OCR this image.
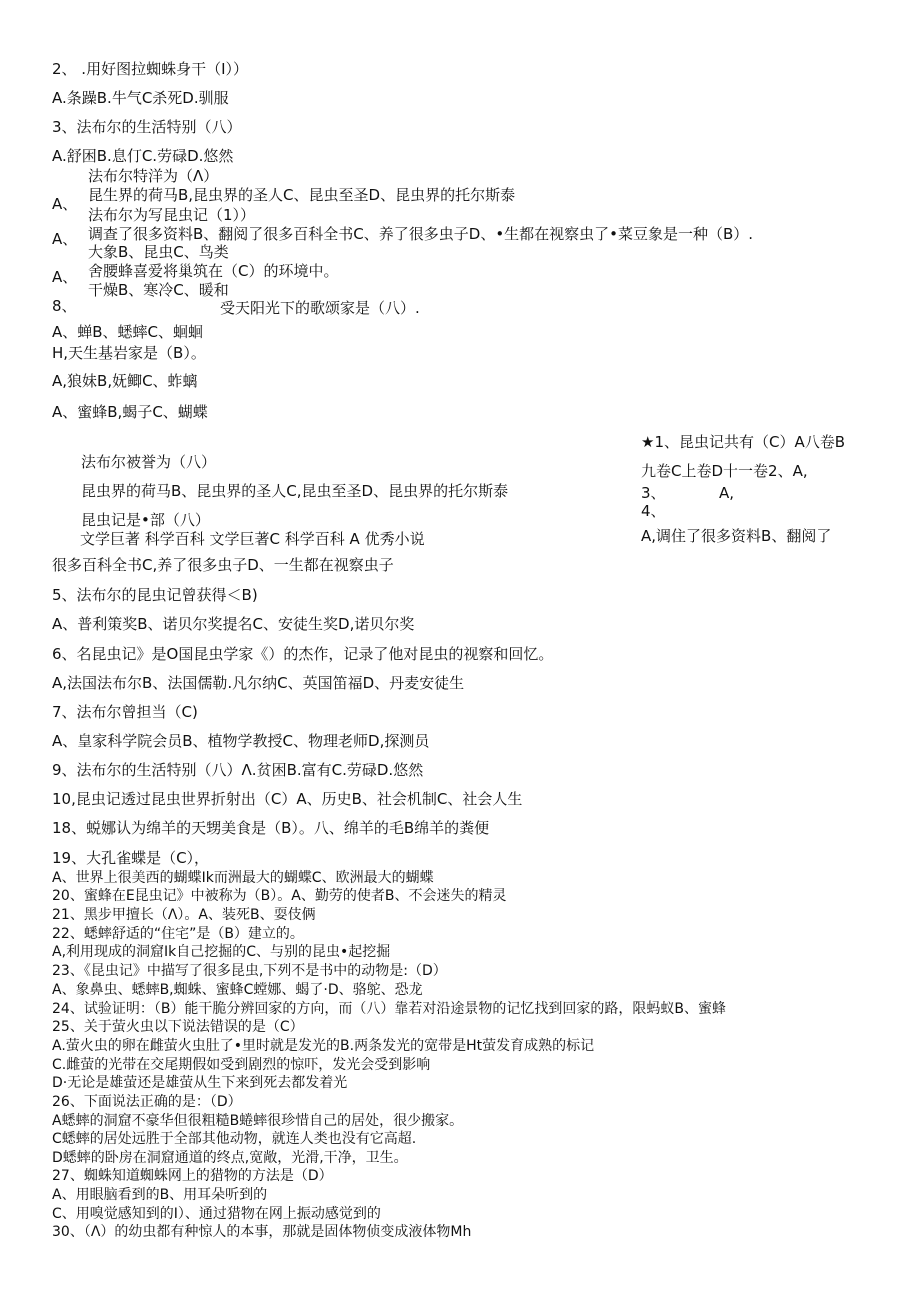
2、 .用好图拉蜘蛛身干（I））
A.条躁B.牛气C杀死D.驯服
3、法布尔的生活特别（八）
A.舒困B.息仃C.劳碌D.悠然
法布尔特洋为（Λ）
A、 昆生界的荷马B,昆虫界的圣人C、昆虫至圣D、昆虫界的托尔斯泰
法布尔为写昆虫记（1））
A、 调查了很多资料B、翻阅了很多百科全书C、养了很多虫子D、•生都在视察虫了•菜豆象是一种（B）.
大象B、昆虫C、鸟类
A、 舍腰蜂喜爱将巢筑在（C）的环境中。
干燥B、寒冷C、暖和
8、	受天阳光下的歌颂家是（八）.
A、蝉B、蟋蟀C、蛔蛔
H,天生基岩家是（B）。
A,狼妹B,妩鲫C、蚱螭
A、蜜蜂B,蝎子C、蝴蝶
★1、昆虫记共有（C）A八卷B
九卷C上卷D十一卷2、A,
3、	A,
4、
A,调住了很多资料B、翻阅了
法布尔被誉为（八）
昆虫界的荷马B、昆虫界的圣人C,昆虫至圣D、昆虫界的托尔斯泰
昆虫记是•部（八）
文学巨著 科学百科 文学巨著C 科学百科 A 优秀小说
很多百科全书C,养了很多虫子D、一生都在视察虫子
5、法布尔的昆虫记曾获得＜B)
A、普利策奖B、诺贝尔奖提名C、安徒生奖D,诺贝尔奖
6、名昆虫记》是O国昆虫学家《）的杰作，记录了他对昆虫的视察和回忆。
A,法国法布尔B、法国儒勒.凡尔纳C、英国笛福D、丹麦安徒生
7、法布尔曾担当（C)
A、皇家科学院会员B、植物学教授C、物理老师D,探测员
9、法布尔的生活特别（八）Λ.贫困B.富有C.劳碌D.悠然
10,昆虫记透过昆虫世界折射出（C）A、历史B、社会机制C、社会人生
18、蜕娜认为绵羊的天甥美食是（B）。八、绵羊的毛B绵羊的粪便
19、大孔雀蝶是（C），
A、世界上很美西的蝴蝶Ik而洲最大的蝴蝶C、欧洲最大的蝴蝶
20、蜜蜂在E昆虫记》中被称为（B）。A、勤劳的使者B、不会迷失的精灵
21、黑步甲擅长（Λ）。A、装死B、耍伎俩
22、蟋蟀舒适的“住宅”是（B）建立的。
A,利用现成的洞窟Ik自己挖掘的C、与别的昆虫•起挖掘
23、《昆虫记》中描写了很多昆虫,下列不是书中的动物是:（D）
A、象鼻虫、蟋蟀B,蜘蛛、蜜蜂C螳娜、蝎了·D、骆鸵、恐龙
24、试验证明：（B）能干脆分辨回家的方向，而（八）靠若对沿途景物的记忆找到回家的路，限蚂蚁B、蜜蜂
25、关于萤火虫以下说法错误的是（C）
A.萤火虫的卵在雌萤火虫肚了•里时就是发光的B.两条发光的宽带是Ht萤发育成熟的标记
C.雌萤的光带在交尾期假如受到剧烈的惊吓，发光会受到影响
D·无论是雄萤还是雄萤从生下来到死去都发着光
26、下面说法正确的是：（D）
A蟋蟀的洞窟不豪华但很粗糙B蜷蟀很珍惜自己的居处，很少搬家。
C蟋蟀的居处远胜于全部其他动物，就连人类也没有它高超.
D蟋蟀的卧房在洞窟通道的终点,宽敞，光滑,干净，卫生。
27、蜘蛛知道蜘蛛网上的猎物的方法是（D）
A、用眼脑看到的B、用耳朵听到的
C、用嗅觉感知到的I）、通过猎物在网上振动感觉到的
30、（Λ）的幼虫都有种惊人的本事，那就是固体物侦变成液体物Mh
